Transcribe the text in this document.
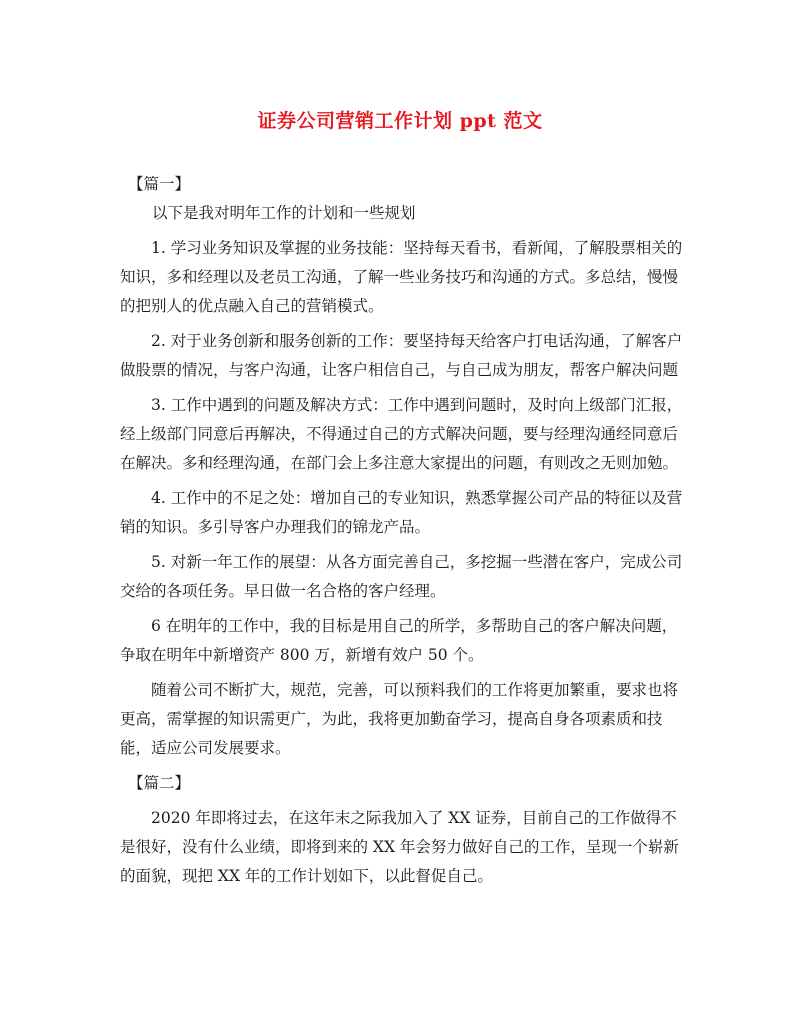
证券公司营销工作计划 ppt 范文

【篇一】

以下是我对明年工作的计划和一些规划

1. 学习业务知识及掌握的业务技能：坚持每天看书，看新闻，了解股票相关的知识，多和经理以及老员工沟通，了解一些业务技巧和沟通的方式。多总结，慢慢的把别人的优点融入自己的营销模式。

2. 对于业务创新和服务创新的工作：要坚持每天给客户打电话沟通，了解客户做股票的情况，与客户沟通，让客户相信自己，与自己成为朋友，帮客户解决问题

3. 工作中遇到的问题及解决方式：工作中遇到问题时，及时向上级部门汇报，经上级部门同意后再解决，不得通过自己的方式解决问题，要与经理沟通经同意后在解决。多和经理沟通，在部门会上多注意大家提出的问题，有则改之无则加勉。

4. 工作中的不足之处：增加自己的专业知识，熟悉掌握公司产品的特征以及营销的知识。多引导客户办理我们的锦龙产品。

5. 对新一年工作的展望：从各方面完善自己，多挖掘一些潜在客户，完成公司交给的各项任务。早日做一名合格的客户经理。

6 在明年的工作中，我的目标是用自己的所学，多帮助自己的客户解决问题，争取在明年中新增资产 800 万，新增有效户 50 个。

随着公司不断扩大，规范，完善，可以预料我们的工作将更加繁重，要求也将更高，需掌握的知识需更广，为此，我将更加勤奋学习，提高自身各项素质和技能，适应公司发展要求。

【篇二】

2020 年即将过去，在这年末之际我加入了 XX 证券，目前自己的工作做得不是很好，没有什么业绩，即将到来的 XX 年会努力做好自己的工作，呈现一个崭新的面貌，现把 XX 年的工作计划如下，以此督促自己。
